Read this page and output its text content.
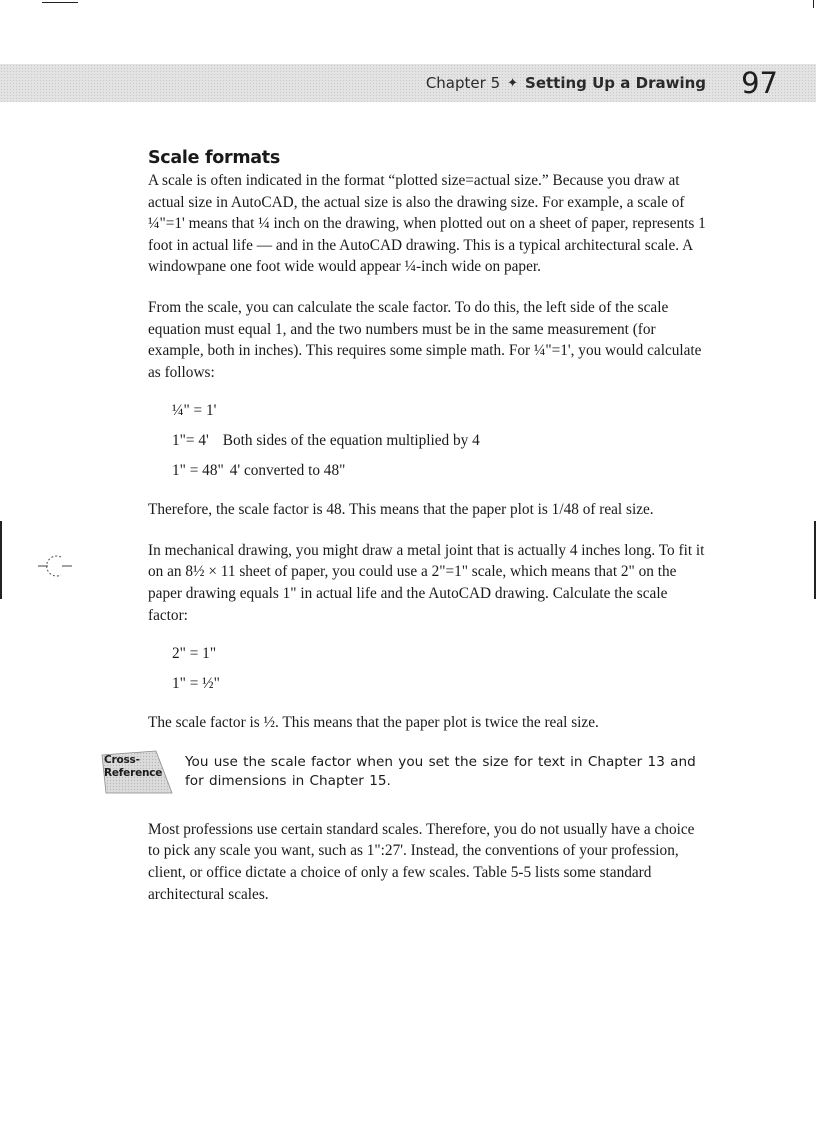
Chapter 5 ✦ Setting Up a Drawing 97
Scale formats

A scale is often indicated in the format “plotted size=actual size.” Because you draw at actual size in AutoCAD, the actual size is also the drawing size. For example, a scale of ¼"=1' means that ¼ inch on the drawing, when plotted out on a sheet of paper, represents 1 foot in actual life — and in the AutoCAD drawing. This is a typical architectural scale. A windowpane one foot wide would appear ¼-inch wide on paper.

From the scale, you can calculate the scale factor. To do this, the left side of the scale equation must equal 1, and the two numbers must be in the same measurement (for example, both in inches). This requires some simple math. For ¼"=1', you would calculate as follows:

¼" = 1'
1"= 4' Both sides of the equation multiplied by 4
1" = 48" 4' converted to 48"

Therefore, the scale factor is 48. This means that the paper plot is 1/48 of real size.

In mechanical drawing, you might draw a metal joint that is actually 4 inches long. To fit it on an 8½ × 11 sheet of paper, you could use a 2"=1" scale, which means that 2" on the paper drawing equals 1" in actual life and the AutoCAD drawing. Calculate the scale factor:

2" = 1"
1" = ½"

The scale factor is ½. This means that the paper plot is twice the real size.

Cross-
Reference
You use the scale factor when you set the size for text in Chapter 13 and for dimensions in Chapter 15.

Most professions use certain standard scales. Therefore, you do not usually have a choice to pick any scale you want, such as 1":27'. Instead, the conventions of your profession, client, or office dictate a choice of only a few scales. Table 5-5 lists some standard architectural scales.
